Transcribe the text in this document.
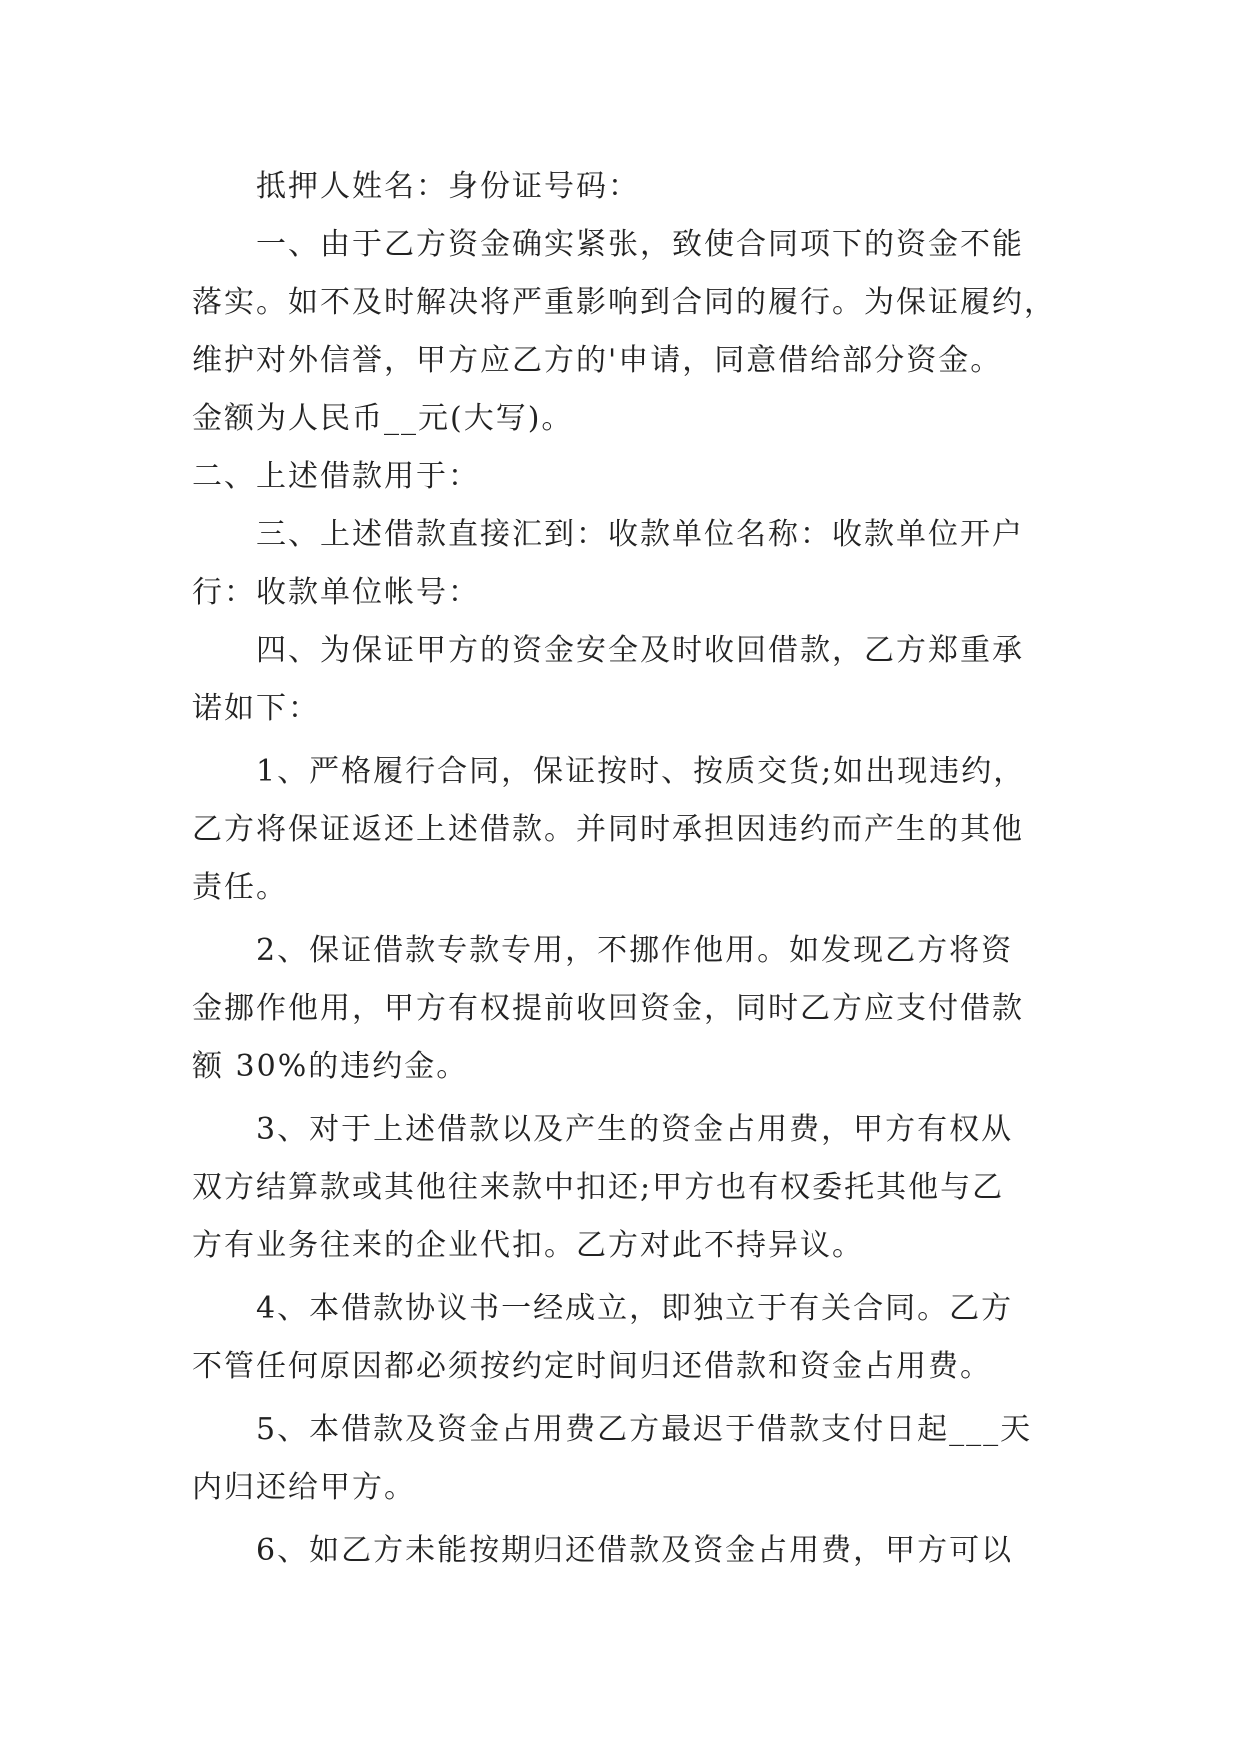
抵押人姓名：身份证号码：
一、由于乙方资金确实紧张，致使合同项下的资金不能
落实。如不及时解决将严重影响到合同的履行。为保证履约，
维护对外信誉，甲方应乙方的'申请，同意借给部分资金。
金额为人民币__元(大写)。
二、上述借款用于：
三、上述借款直接汇到：收款单位名称：收款单位开户
行：收款单位帐号：
四、为保证甲方的资金安全及时收回借款，乙方郑重承
诺如下：
1、严格履行合同，保证按时、按质交货;如出现违约，
乙方将保证返还上述借款。并同时承担因违约而产生的其他
责任。
2、保证借款专款专用，不挪作他用。如发现乙方将资
金挪作他用，甲方有权提前收回资金，同时乙方应支付借款
额 30%的违约金。
3、对于上述借款以及产生的资金占用费，甲方有权从
双方结算款或其他往来款中扣还;甲方也有权委托其他与乙
方有业务往来的企业代扣。乙方对此不持异议。
4、本借款协议书一经成立，即独立于有关合同。乙方
不管任何原因都必须按约定时间归还借款和资金占用费。
5、本借款及资金占用费乙方最迟于借款支付日起___天
内归还给甲方。
6、如乙方未能按期归还借款及资金占用费，甲方可以
